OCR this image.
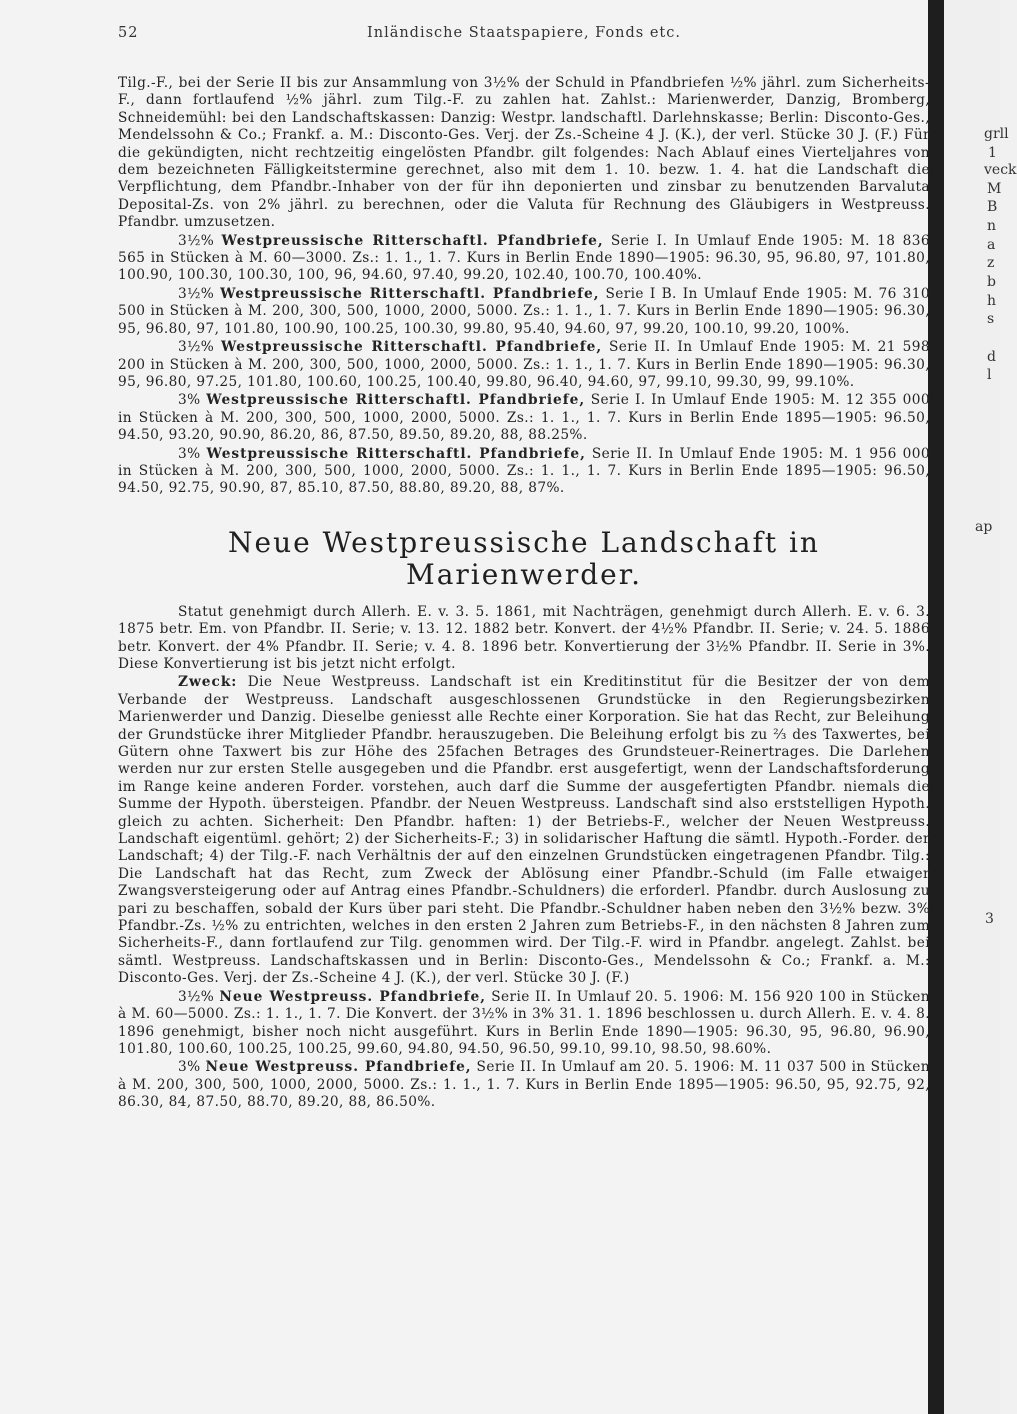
grll
1
veck
M
B
n
a
z
b
h
s
d
l
ap
3
52	Inländische Staatspapiere, Fonds etc.

Tilg.-F., bei der Serie II bis zur Ansammlung von 3½% der Schuld in Pfandbriefen ½% jährl. zum Sicherheits-F., dann fortlaufend ½% jährl. zum Tilg.-F. zu zahlen hat. Zahlst.: Marienwerder, Danzig, Bromberg, Schneidemühl: bei den Landschaftskassen: Danzig: Westpr. landschaftl. Darlehnskasse; Berlin: Disconto-Ges., Mendelssohn & Co.; Frankf. a. M.: Disconto-Ges. Verj. der Zs.-Scheine 4 J. (K.), der verl. Stücke 30 J. (F.) Für die gekündigten, nicht rechtzeitig eingelösten Pfandbr. gilt folgendes: Nach Ablauf eines Vierteljahres von dem bezeichneten Fälligkeitstermine gerechnet, also mit dem 1. 10. bezw. 1. 4. hat die Landschaft die Verpflichtung, dem Pfandbr.-Inhaber von der für ihn deponierten und zinsbar zu benutzenden Barvaluta Deposital-Zs. von 2% jährl. zu berechnen, oder die Valuta für Rechnung des Gläubigers in Westpreuss. Pfandbr. umzusetzen.

3½% Westpreussische Ritterschaftl. Pfandbriefe, Serie I. In Umlauf Ende 1905: M. 18 836 565 in Stücken à M. 60—3000. Zs.: 1. 1., 1. 7. Kurs in Berlin Ende 1890—1905: 96.30, 95, 96.80, 97, 101.80, 100.90, 100.30, 100.30, 100, 96, 94.60, 97.40, 99.20, 102.40, 100.70, 100.40%.

3½% Westpreussische Ritterschaftl. Pfandbriefe, Serie I B. In Umlauf Ende 1905: M. 76 310 500 in Stücken à M. 200, 300, 500, 1000, 2000, 5000. Zs.: 1. 1., 1. 7. Kurs in Berlin Ende 1890—1905: 96.30, 95, 96.80, 97, 101.80, 100.90, 100.25, 100.30, 99.80, 95.40, 94.60, 97, 99.20, 100.10, 99.20, 100%.

3½% Westpreussische Ritterschaftl. Pfandbriefe, Serie II. In Umlauf Ende 1905: M. 21 598 200 in Stücken à M. 200, 300, 500, 1000, 2000, 5000. Zs.: 1. 1., 1. 7. Kurs in Berlin Ende 1890—1905: 96.30, 95, 96.80, 97.25, 101.80, 100.60, 100.25, 100.40, 99.80, 96.40, 94.60, 97, 99.10, 99.30, 99, 99.10%.

3% Westpreussische Ritterschaftl. Pfandbriefe, Serie I. In Umlauf Ende 1905: M. 12 355 000 in Stücken à M. 200, 300, 500, 1000, 2000, 5000. Zs.: 1. 1., 1. 7. Kurs in Berlin Ende 1895—1905: 96.50, 94.50, 93.20, 90.90, 86.20, 86, 87.50, 89.50, 89.20, 88, 88.25%.

3% Westpreussische Ritterschaftl. Pfandbriefe, Serie II. In Umlauf Ende 1905: M. 1 956 000 in Stücken à M. 200, 300, 500, 1000, 2000, 5000. Zs.: 1. 1., 1. 7. Kurs in Berlin Ende 1895—1905: 96.50, 94.50, 92.75, 90.90, 87, 85.10, 87.50, 88.80, 89.20, 88, 87%.

Neue Westpreussische Landschaft in Marienwerder.

Statut genehmigt durch Allerh. E. v. 3. 5. 1861, mit Nachträgen, genehmigt durch Allerh. E. v. 6. 3. 1875 betr. Em. von Pfandbr. II. Serie; v. 13. 12. 1882 betr. Konvert. der 4½% Pfandbr. II. Serie; v. 24. 5. 1886 betr. Konvert. der 4% Pfandbr. II. Serie; v. 4. 8. 1896 betr. Konvertierung der 3½% Pfandbr. II. Serie in 3%. Diese Konvertierung ist bis jetzt nicht erfolgt.

Zweck: Die Neue Westpreuss. Landschaft ist ein Kreditinstitut für die Besitzer der von dem Verbande der Westpreuss. Landschaft ausgeschlossenen Grundstücke in den Regierungsbezirken Marienwerder und Danzig. Dieselbe geniesst alle Rechte einer Korporation. Sie hat das Recht, zur Beleihung der Grundstücke ihrer Mitglieder Pfandbr. herauszugeben. Die Beleihung erfolgt bis zu ⅔ des Taxwertes, bei Gütern ohne Taxwert bis zur Höhe des 25fachen Betrages des Grundsteuer-Reinertrages. Die Darlehen werden nur zur ersten Stelle ausgegeben und die Pfandbr. erst ausgefertigt, wenn der Landschaftsforderung im Range keine anderen Forder. vorstehen, auch darf die Summe der ausgefertigten Pfandbr. niemals die Summe der Hypoth. übersteigen. Pfandbr. der Neuen Westpreuss. Landschaft sind also erststelligen Hypoth. gleich zu achten. Sicherheit: Den Pfandbr. haften: 1) der Betriebs-F., welcher der Neuen Westpreuss. Landschaft eigentüml. gehört; 2) der Sicherheits-F.; 3) in solidarischer Haftung die sämtl. Hypoth.-Forder. der Landschaft; 4) der Tilg.-F. nach Verhältnis der auf den einzelnen Grundstücken eingetragenen Pfandbr. Tilg.: Die Landschaft hat das Recht, zum Zweck der Ablösung einer Pfandbr.-Schuld (im Falle etwaiger Zwangsversteigerung oder auf Antrag eines Pfandbr.-Schuldners) die erforderl. Pfandbr. durch Auslosung zu pari zu beschaffen, sobald der Kurs über pari steht. Die Pfandbr.-Schuldner haben neben den 3½% bezw. 3% Pfandbr.-Zs. ½% zu entrichten, welches in den ersten 2 Jahren zum Betriebs-F., in den nächsten 8 Jahren zum Sicherheits-F., dann fortlaufend zur Tilg. genommen wird. Der Tilg.-F. wird in Pfandbr. angelegt. Zahlst. bei sämtl. Westpreuss. Landschaftskassen und in Berlin: Disconto-Ges., Mendelssohn & Co.; Frankf. a. M.: Disconto-Ges. Verj. der Zs.-Scheine 4 J. (K.), der verl. Stücke 30 J. (F.)

3½% Neue Westpreuss. Pfandbriefe, Serie II. In Umlauf 20. 5. 1906: M. 156 920 100 in Stücken à M. 60—5000. Zs.: 1. 1., 1. 7. Die Konvert. der 3½% in 3% 31. 1. 1896 beschlossen u. durch Allerh. E. v. 4. 8. 1896 genehmigt, bisher noch nicht ausgeführt. Kurs in Berlin Ende 1890—1905: 96.30, 95, 96.80, 96.90, 101.80, 100.60, 100.25, 100.25, 99.60, 94.80, 94.50, 96.50, 99.10, 99.10, 98.50, 98.60%.

3% Neue Westpreuss. Pfandbriefe, Serie II. In Umlauf am 20. 5. 1906: M. 11 037 500 in Stücken à M. 200, 300, 500, 1000, 2000, 5000. Zs.: 1. 1., 1. 7. Kurs in Berlin Ende 1895—1905: 96.50, 95, 92.75, 92, 86.30, 84, 87.50, 88.70, 89.20, 88, 86.50%.
